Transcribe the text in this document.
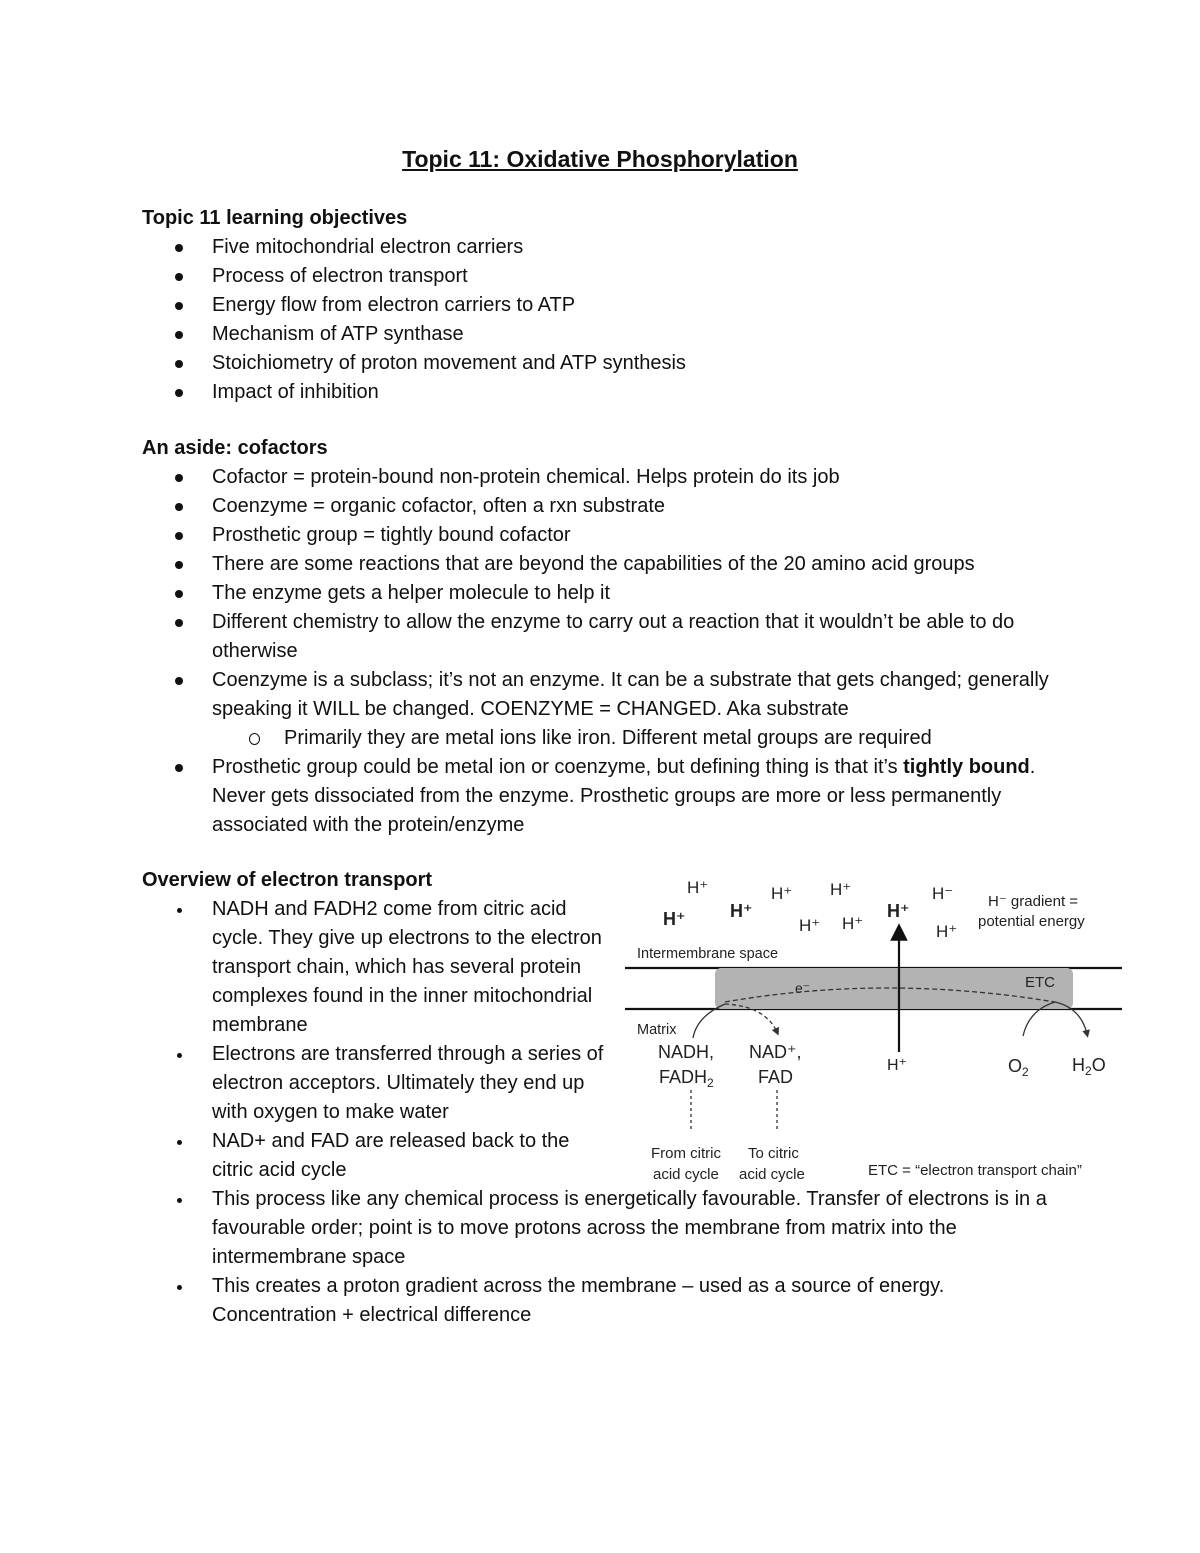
Topic 11: Oxidative Phosphorylation

Topic 11 learning objectives

Five mitochondrial electron carriers
Process of electron transport
Energy flow from electron carriers to ATP
Mechanism of ATP synthase
Stoichiometry of proton movement and ATP synthesis
Impact of inhibition

An aside: cofactors

Cofactor = protein-bound non-protein chemical. Helps protein do its job
Coenzyme = organic cofactor, often a rxn substrate
Prosthetic group = tightly bound cofactor
There are some reactions that are beyond the capabilities of the 20 amino acid groups
The enzyme gets a helper molecule to help it
Different chemistry to allow the enzyme to carry out a reaction that it wouldn’t be able to do otherwise
Coenzyme is a subclass; it’s not an enzyme. It can be a substrate that gets changed; generally speaking it WILL be changed. COENZYME = CHANGED. Aka substrate
Primarily they are metal ions like iron. Different metal groups are required
Prosthetic group could be metal ion or coenzyme, but defining thing is that it’s tightly bound. Never gets dissociated from the enzyme. Prosthetic groups are more or less permanently associated with the protein/enzyme

Overview of electron transport

NADH and FADH2 come from citric acid cycle. They give up electrons to the electron transport chain, which has several protein complexes found in the inner mitochondrial membrane
Electrons are transferred through a series of electron acceptors. Ultimately they end up with oxygen to make water
NAD+ and FAD are released back to the citric acid cycle
This process like any chemical process is energetically favourable. Transfer of electrons is in a favourable order; point is to move protons across the membrane from matrix into the intermembrane space
This creates a proton gradient across the membrane – used as a source of energy. Concentration + electrical difference
H⁺
H⁺ H⁺
H⁺ H⁺
H⁺ H⁺
H⁺
H⁻
H⁺
H⁻ gradient =
potential energy
Intermembrane space
ETC
e⁻
Matrix
NADH,
$FADH_2$
NAD⁺,
FAD
H⁺	$O_2$ $H_2O$
From citric
acid cycle
To citric
acid cycle	ETC = “electron transport chain”
